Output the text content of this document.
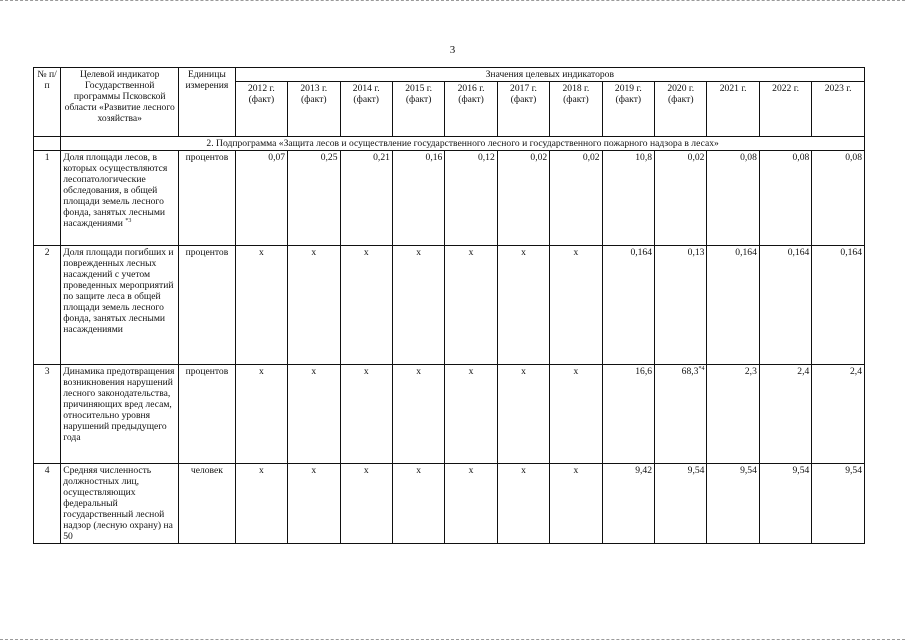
3
№ п/п	Целевой индикатор Государственной программы Псковской области «Развитие лесного хозяйства»	Единицы измерения	Значения целевых индикаторов											
			2012 г. (факт)	2013 г. (факт)	2014 г. (факт)	2015 г. (факт)	2016 г. (факт)	2017 г. (факт)	2018 г. (факт)	2019 г. (факт)	2020 г. (факт)	2021 г.	2022 г.	2023 г.
	2. Подпрограмма «Защита лесов и осуществление государственного лесного и государственного пожарного надзора в лесах»													
1	Доля площади лесов, в которых осуществляются лесопатологические обследования, в общей площади земель лесного фонда, занятых лесными насаждениями $^{*3}$	процентов	0,07	0,25	0,21	0,16	0,12	0,02	0,02	10,8	0,02	0,08	0,08	0,08
2	Доля площади погибших и поврежденных лесных насаждений с учетом проведенных мероприятий по защите леса в общей площади земель лесного фонда, занятых лесными насаждениями	процентов	х	х	х	х	х	х	х	0,164	0,13	0,164	0,164	0,164
3	Динамика предотвращения возникновения нарушений лесного законодательства, причиняющих вред лесам, относительно уровня нарушений предыдущего года	процентов	х	х	х	х	х	х	х	16,6	68,3$^{*4}$	2,3	2,4	2,4
4	Средняя численность должностных лиц, осуществляющих федеральный государственный лесной надзор (лесную охрану) на 50	человек	х	х	х	х	х	х	х	9,42	9,54	9,54	9,54	9,54
